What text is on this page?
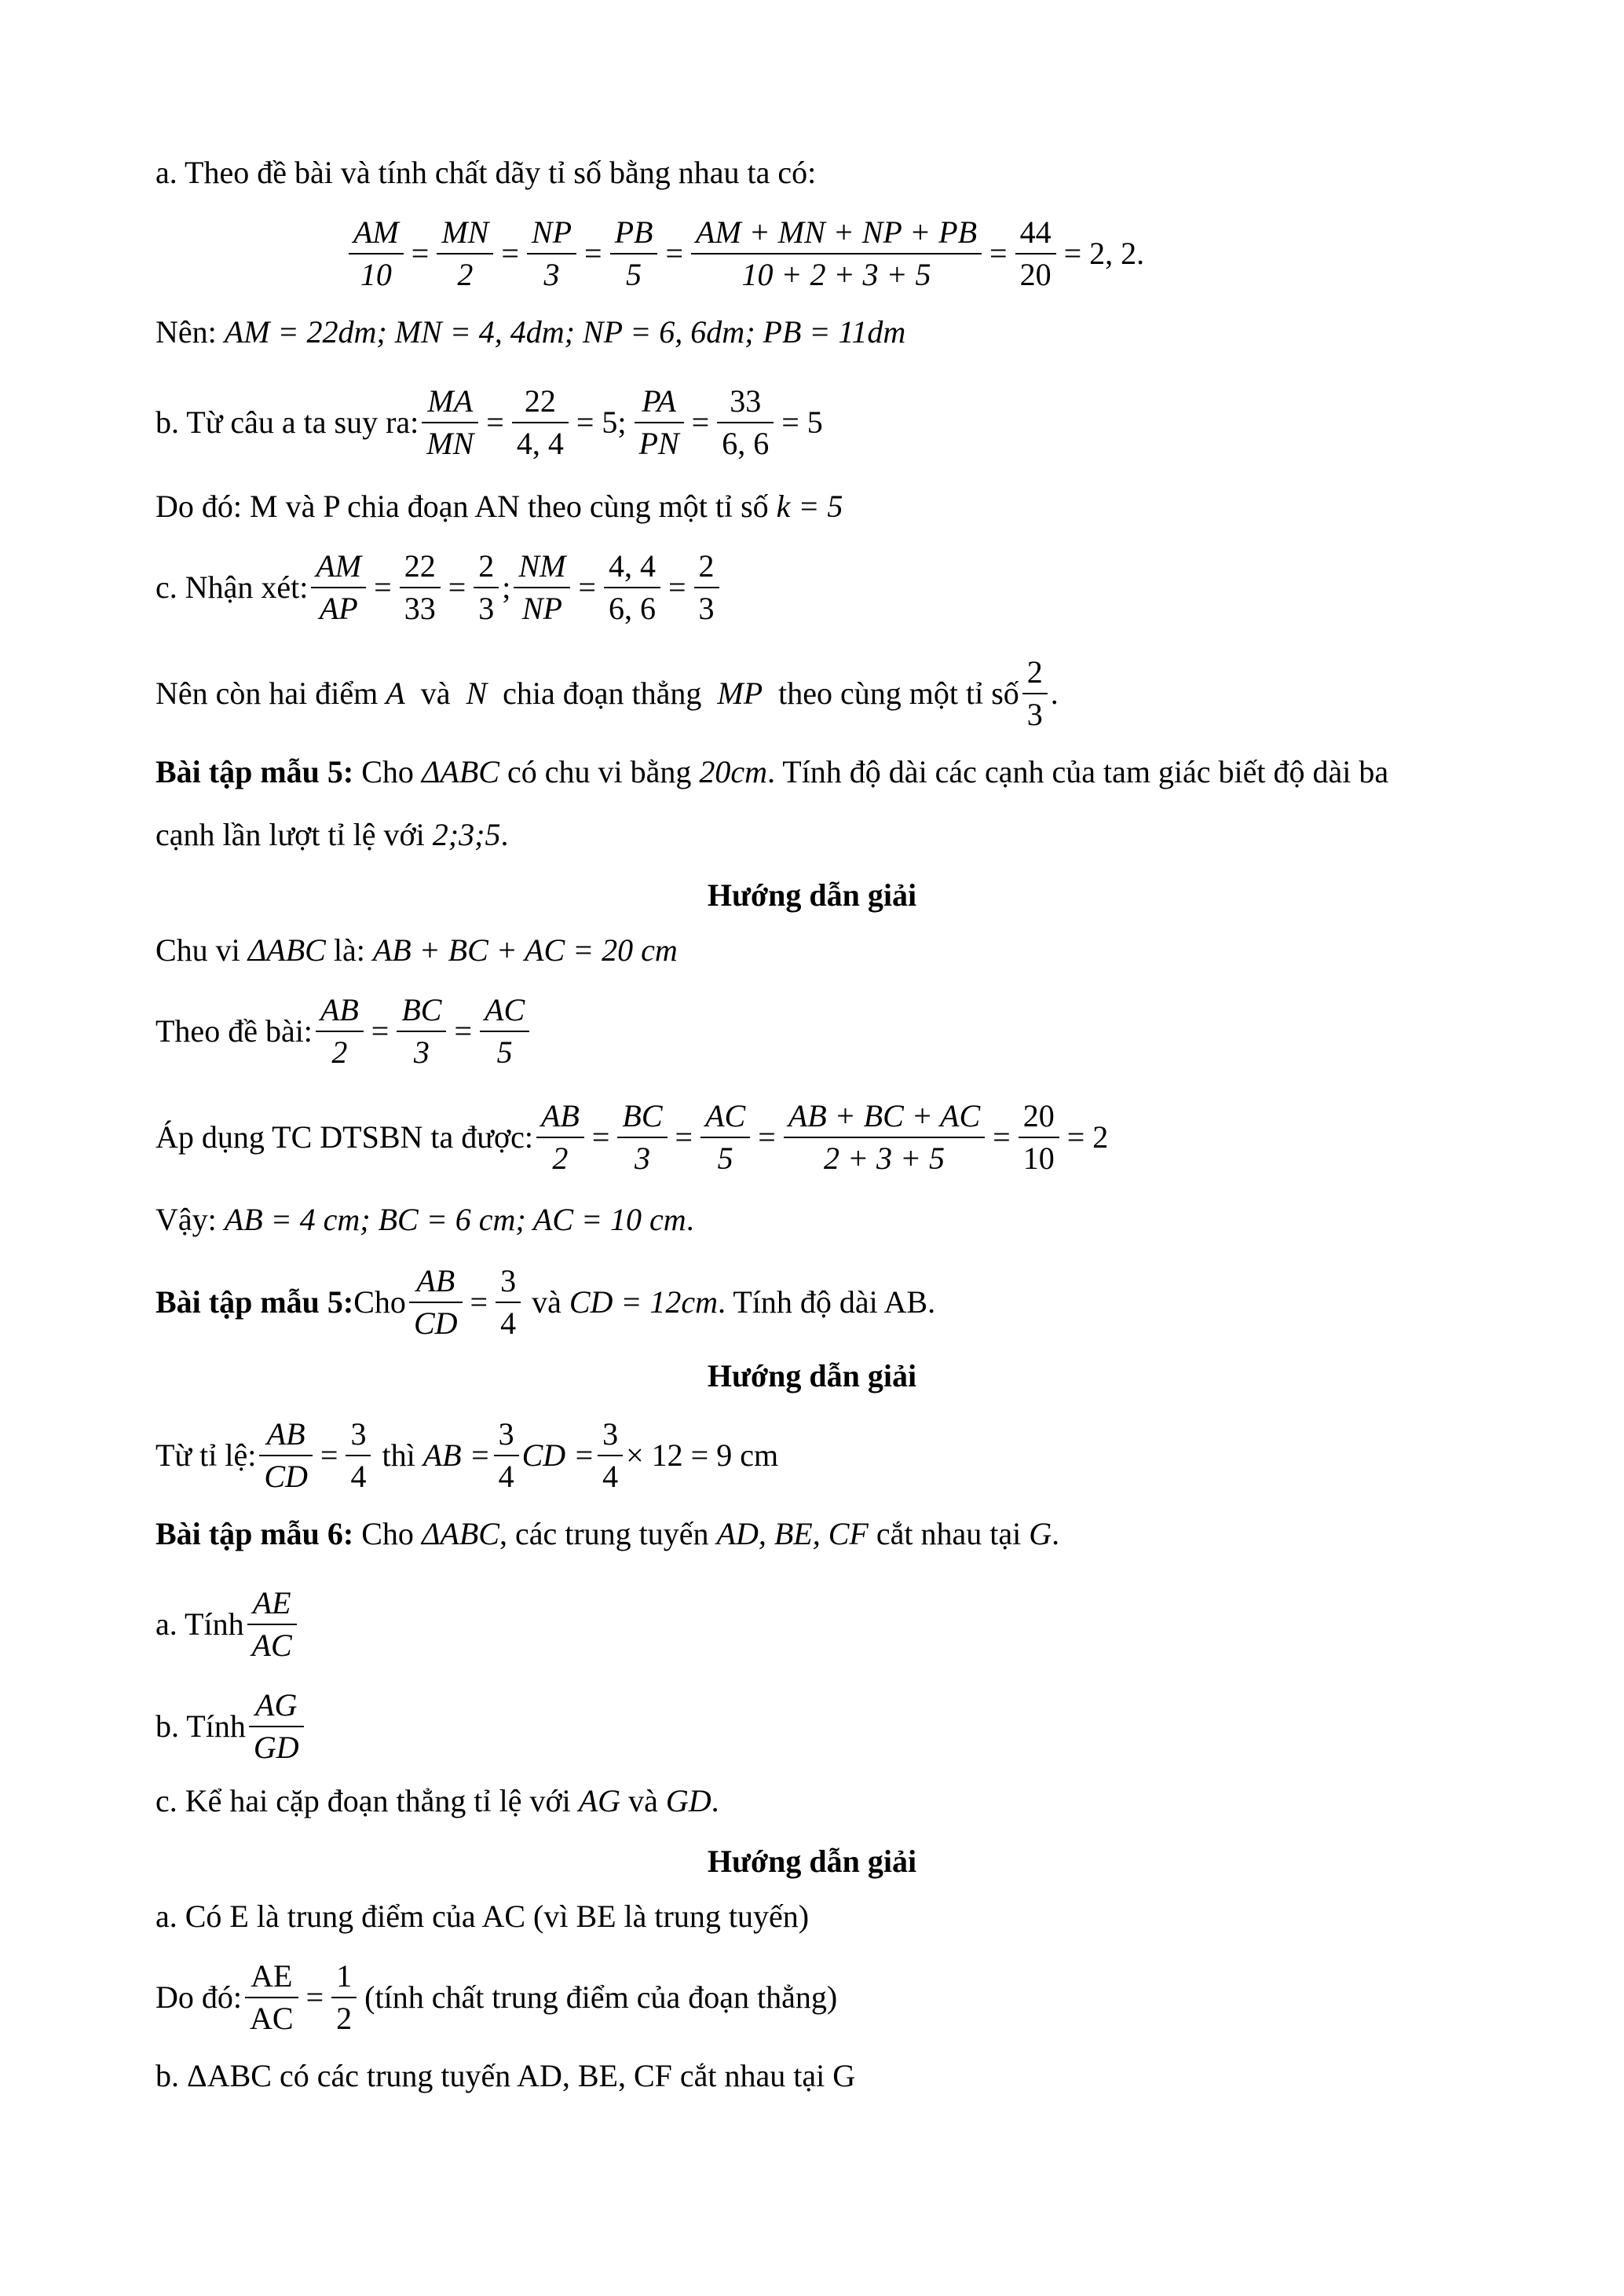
a. Theo đề bài và tính chất dãy tỉ số bằng nhau ta có:
$\frac{AM}{10} = \frac{MN}{2} = \frac{NP}{3} = \frac{PB}{5} = \frac{AM + MN + NP + PB}{10 + 2 + 3 + 5} = \frac{44}{20} = 2$, 2.
Nên: AM = 22dm; MN = 4, 4dm; NP = 6, 6dm; PB = 11dm
b. Từ câu a ta suy ra: $\frac{MA}{MN} = \frac{22}{4, 4} = 5$; $\frac{PA}{PN} = \frac{33}{6, 6} = 5$
Do đó: M và P chia đoạn AN theo cùng một tỉ số k = 5
c. Nhận xét: $\frac{AM}{AP} = \frac{22}{33} = \frac{2}{3}$ ; $\frac{NM}{NP} = \frac{4, 4}{6, 6} = \frac{2}{3}$
Nên còn hai điểm
A
và
N
chia đoạn thẳng
MP
theo cùng một tỉ số
2
3
.
Bài tập mẫu 5: Cho ΔABC có chu vi bằng 20cm. Tính độ dài các cạnh của tam giác biết độ dài ba
cạnh lần lượt tỉ lệ với 2;3;5.
Hướng dẫn giải
Chu vi ΔABC là: AB + BC + AC = 20 cm
Theo đề bài: $\frac{AB}{2} = \frac{BC}{3} = \frac{AC}{5}$
Áp dụng TC DTSBN ta được: $\frac{AB}{2} = \frac{BC}{3} = \frac{AC}{5} = \frac{AB + BC + AC}{2 + 3 + 5} = \frac{20}{10} = 2$
Vậy: AB = 4 cm; BC = 6 cm; AC = 10 cm.
Bài tập mẫu 5: Cho $\frac{AB}{CD} = \frac{3}{4}$ và CD = 12cm . Tính độ dài AB.
Hướng dẫn giải
Từ tỉ lệ: $\frac{AB}{CD} = \frac{3}{4}$ thì AB = $\frac{3}{4}$ CD = $\frac{3}{4} \times 12 = 9$ cm
Bài tập mẫu 6: Cho ΔABC, các trung tuyến AD, BE, CF cắt nhau tại G.
a. Tính
AE
AC
b. Tính
AG
GD
c. Kể hai cặp đoạn thẳng tỉ lệ với AG và GD.
Hướng dẫn giải
a. Có E là trung điểm của AC (vì BE là trung tuyến)
Do đó: $\frac{AE}{AC} = \frac{1}{2}$ (tính chất trung điểm của đoạn thẳng)
b. ΔABC có các trung tuyến AD, BE, CF cắt nhau tại G
